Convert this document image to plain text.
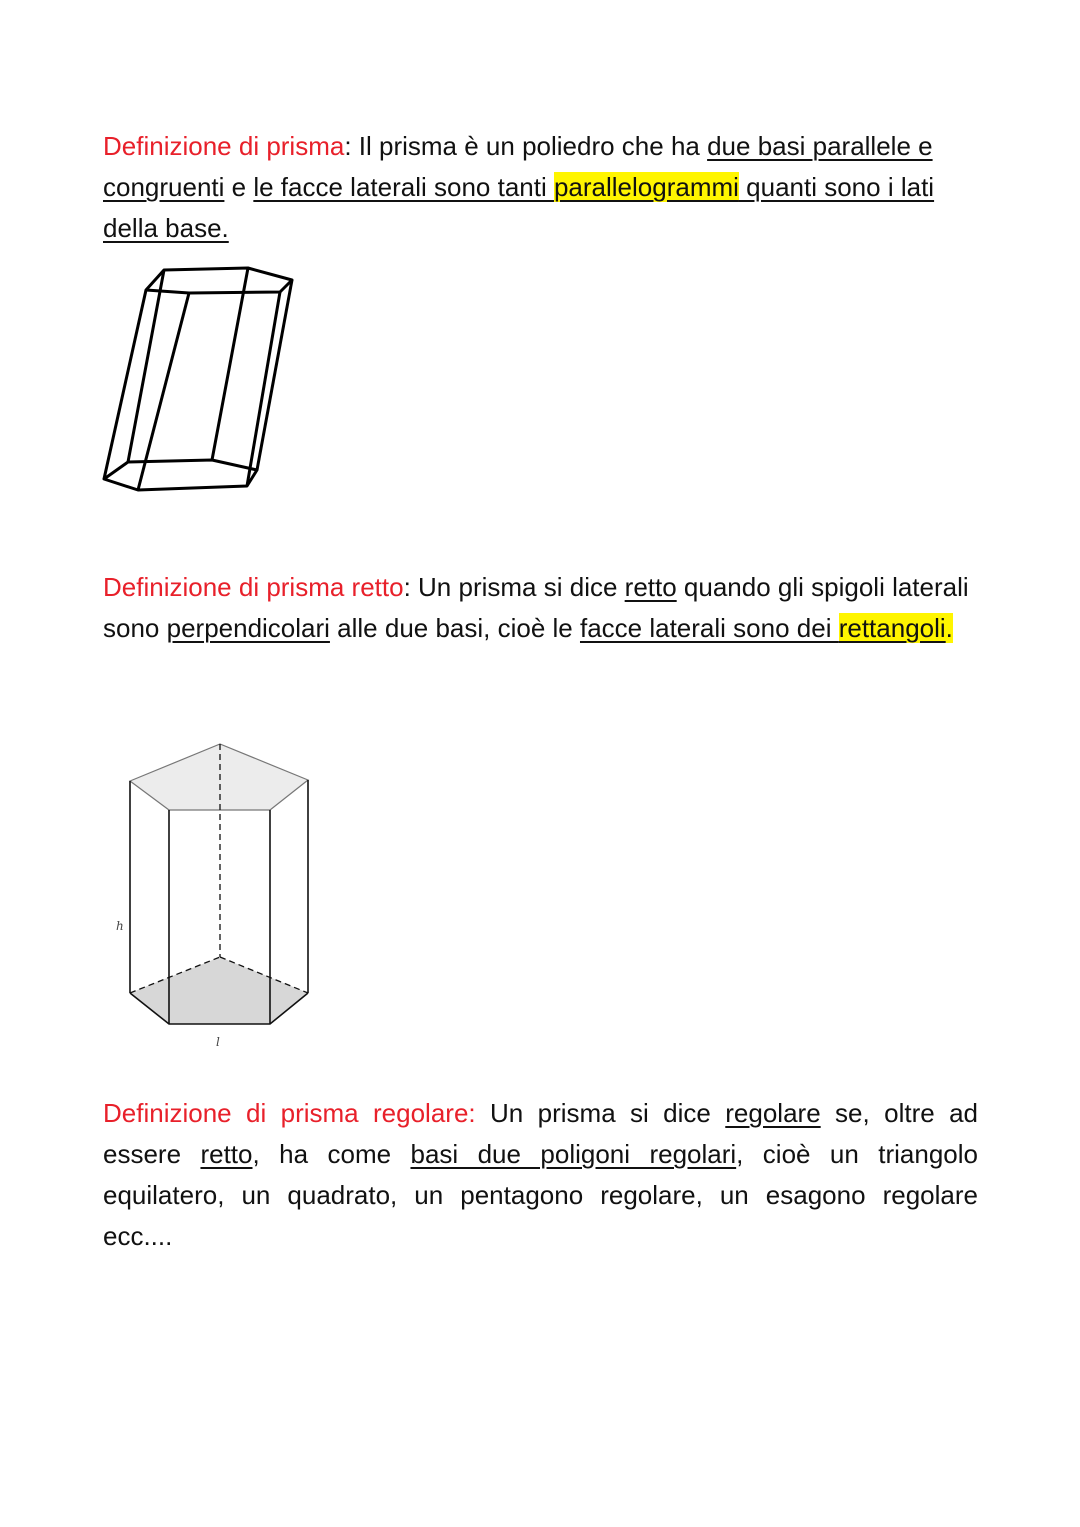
Definizione di prisma: Il prisma è un poliedro che ha due basi parallele e congruenti e le facce laterali sono tanti parallelogrammi quanti sono i lati della base.

Definizione di prisma retto: Un prisma si dice retto quando gli spigoli laterali sono perpendicolari alle due basi, cioè le facce laterali sono dei rettangoli.

h
l

Definizione di prisma regolare: Un prisma si dice regolare se, oltre ad essere retto, ha come basi due poligoni regolari, cioè un triangolo equilatero, un quadrato, un pentagono regolare, un esagono regolare ecc....
